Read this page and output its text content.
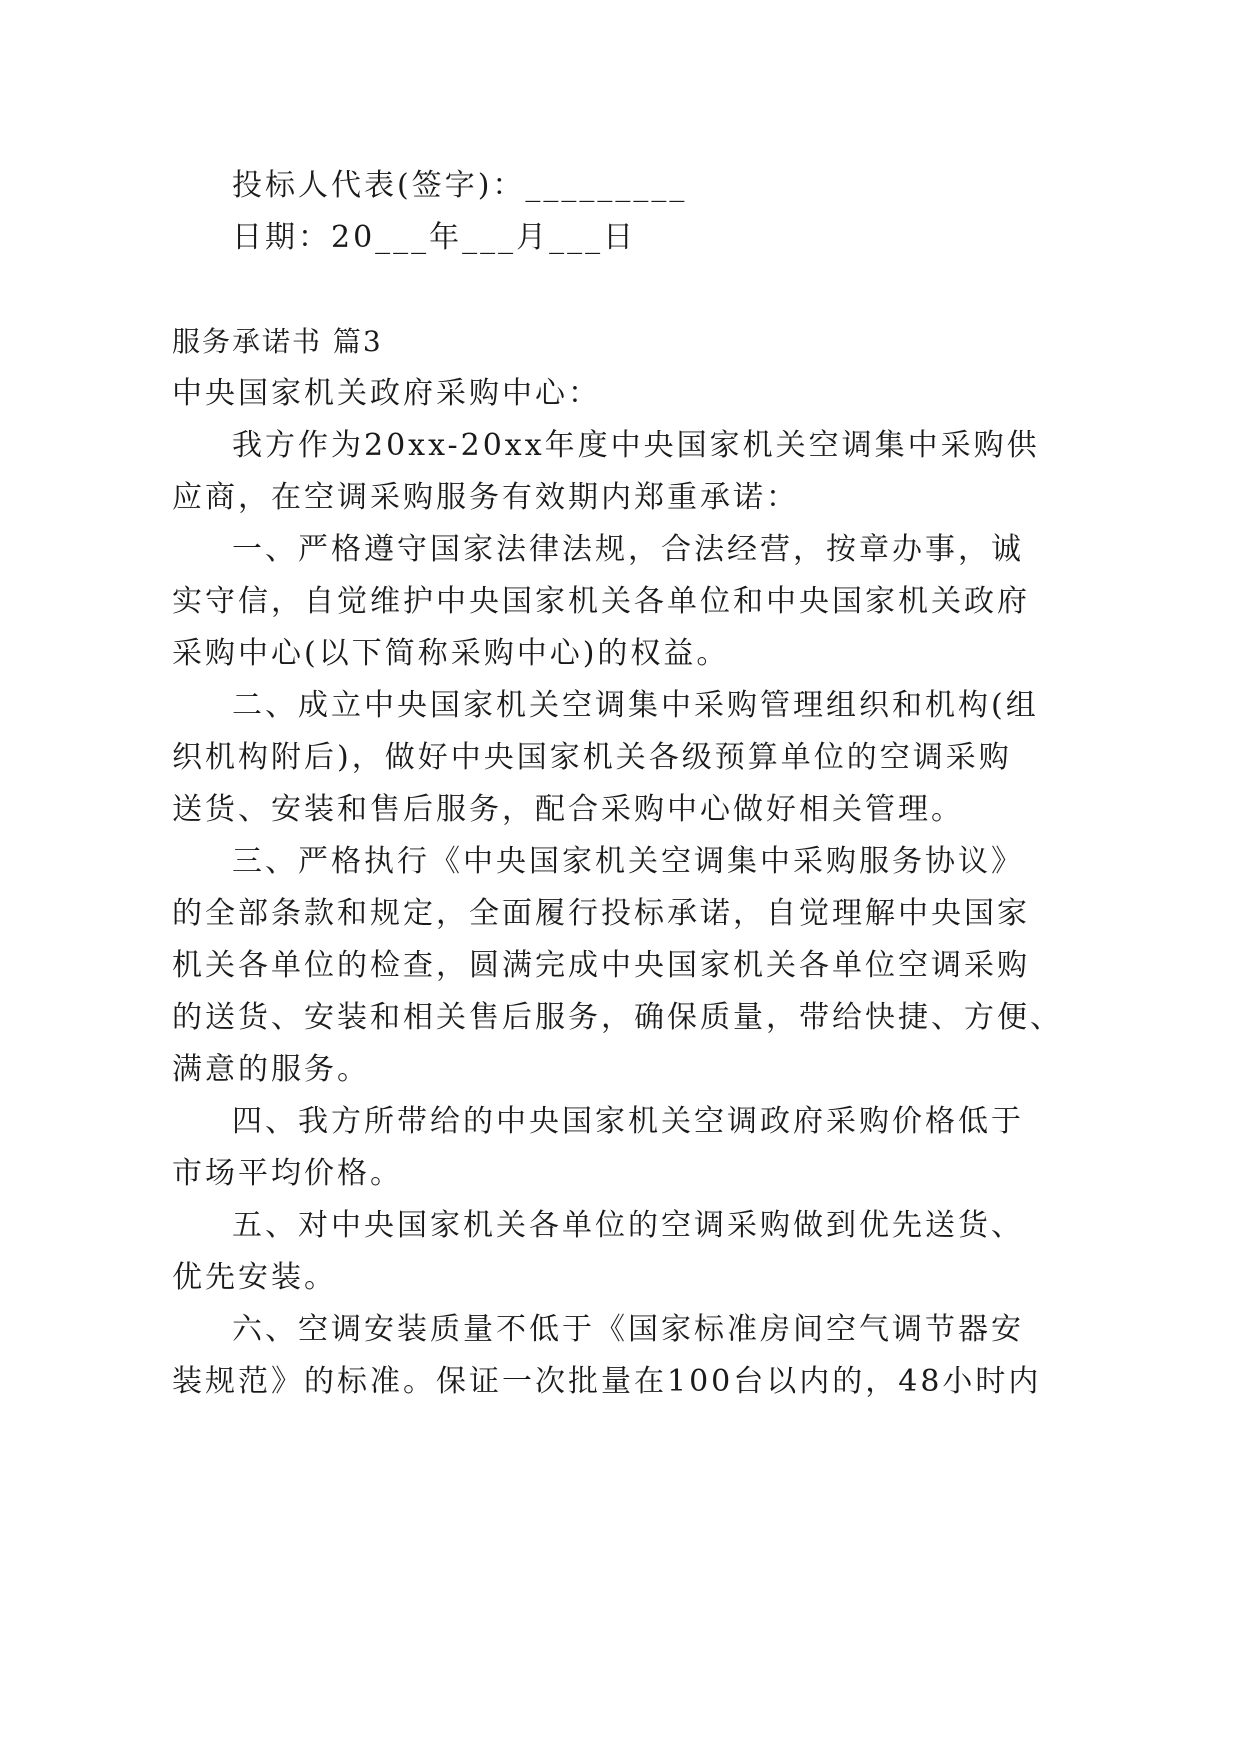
投标人代表(签字)：_________
日期：20___年___月___日
服务承诺书 篇3
中央国家机关政府采购中心：
我方作为20xx-20xx年度中央国家机关空调集中采购供
应商，在空调采购服务有效期内郑重承诺：
一、严格遵守国家法律法规，合法经营，按章办事，诚
实守信，自觉维护中央国家机关各单位和中央国家机关政府
采购中心(以下简称采购中心)的权益。
二、成立中央国家机关空调集中采购管理组织和机构(组
织机构附后)，做好中央国家机关各级预算单位的空调采购
送货、安装和售后服务，配合采购中心做好相关管理。
三、严格执行《中央国家机关空调集中采购服务协议》
的全部条款和规定，全面履行投标承诺，自觉理解中央国家
机关各单位的检查，圆满完成中央国家机关各单位空调采购
的送货、安装和相关售后服务，确保质量，带给快捷、方便、
满意的服务。
四、我方所带给的中央国家机关空调政府采购价格低于
市场平均价格。
五、对中央国家机关各单位的空调采购做到优先送货、
优先安装。
六、空调安装质量不低于《国家标准房间空气调节器安
装规范》的标准。保证一次批量在100台以内的，48小时内
